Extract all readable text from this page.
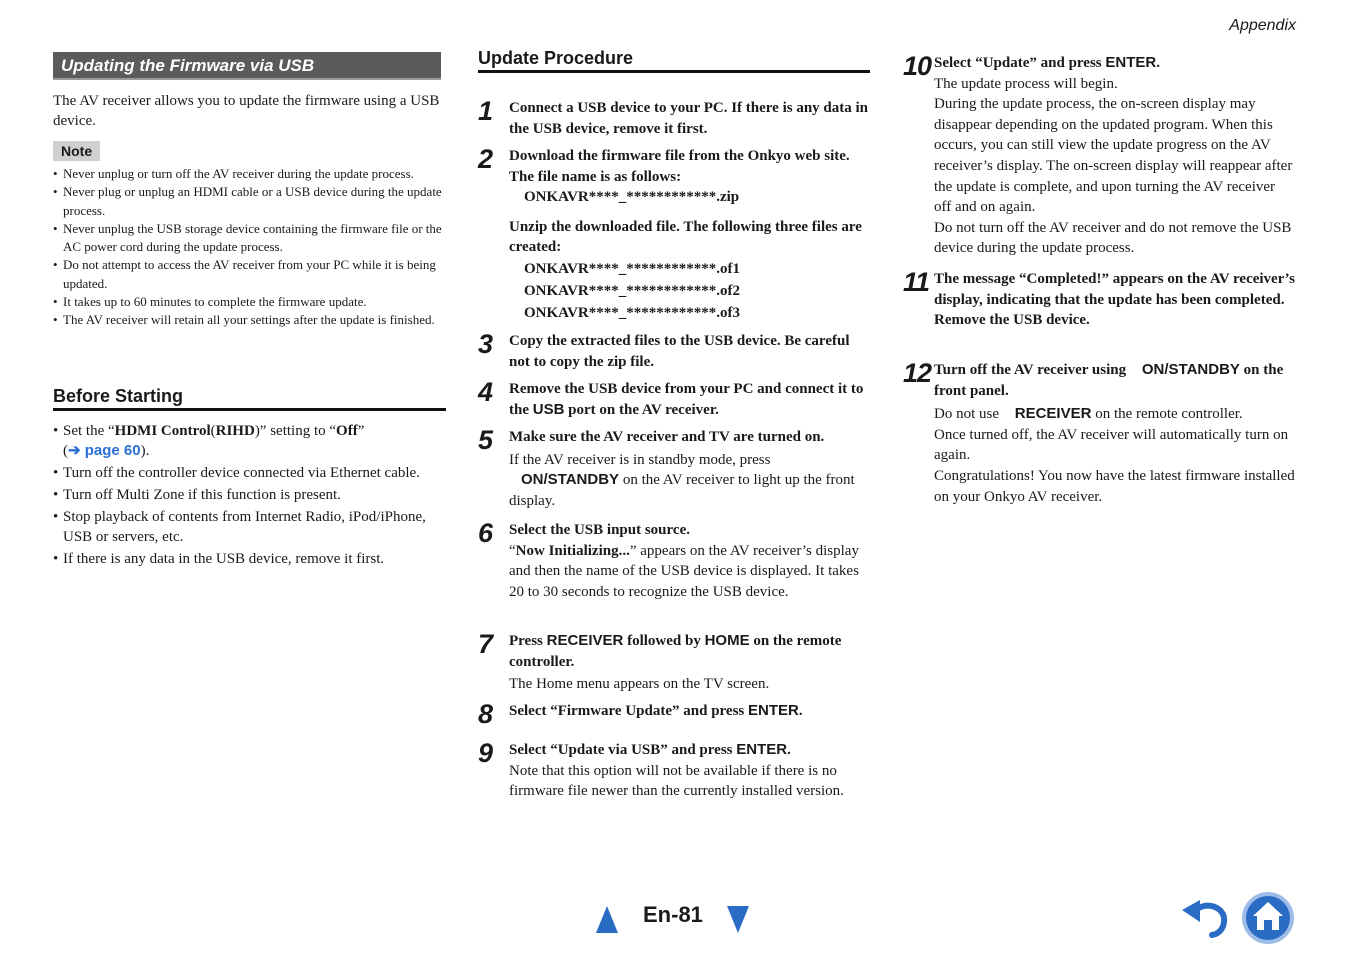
Appendix
Updating the Firmware via USB
The AV receiver allows you to update the firmware using a USB device.
Note
• Never unplug or turn off the AV receiver during the update process.
• Never plug or unplug an HDMI cable or a USB device during the update process.
• Never unplug the USB storage device containing the firmware file or the AC power cord during the update process.
• Do not attempt to access the AV receiver from your PC while it is being updated.
• It takes up to 60 minutes to complete the firmware update.
• The AV receiver will retain all your settings after the update is finished.
Before Starting
• Set the “HDMI Control(RIHD)” setting to “Off”
(➔ page 60).
• Turn off the controller device connected via Ethernet cable.
• Turn off Multi Zone if this function is present.
• Stop playback of contents from Internet Radio, iPod/iPhone, USB or servers, etc.
• If there is any data in the USB device, remove it first.
Update Procedure
1 Connect a USB device to your PC. If there is any data in the USB device, remove it first.
2 Download the firmware file from the Onkyo web site. The file name is as follows:
ONKAVR****_************.zip
Unzip the downloaded file. The following three files are created:
ONKAVR****_************.of1
ONKAVR****_************.of2
ONKAVR****_************.of3
3 Copy the extracted files to the USB device. Be careful not to copy the zip file.
4 Remove the USB device from your PC and connect it to the USB port on the AV receiver.
5 Make sure the AV receiver and TV are turned on.
If the AV receiver is in standby mode, press ON/STANDBY on the AV receiver to light up the front display.
6 Select the USB input source.
“Now Initializing...” appears on the AV receiver’s display and then the name of the USB device is displayed. It takes 20 to 30 seconds to recognize the USB device.
7 Press RECEIVER followed by HOME on the remote controller.
The Home menu appears on the TV screen.
8 Select “Firmware Update” and press ENTER.
9 Select “Update via USB” and press ENTER.
Note that this option will not be available if there is no firmware file newer than the currently installed version.
10 Select “Update” and press ENTER.
The update process will begin.
During the update process, the on-screen display may disappear depending on the updated program. When this occurs, you can still view the update progress on the AV receiver’s display. The on-screen display will reappear after the update is complete, and upon turning the AV receiver off and on again.
Do not turn off the AV receiver and do not remove the USB device during the update process.
11 The message “Completed!” appears on the AV receiver’s display, indicating that the update has been completed.
Remove the USB device.
12 Turn off the AV receiver using ON/STANDBY on the front panel.
Do not use RECEIVER on the remote controller.
Once turned off, the AV receiver will automatically turn on again.
Congratulations! You now have the latest firmware installed on your Onkyo AV receiver.
En-81
